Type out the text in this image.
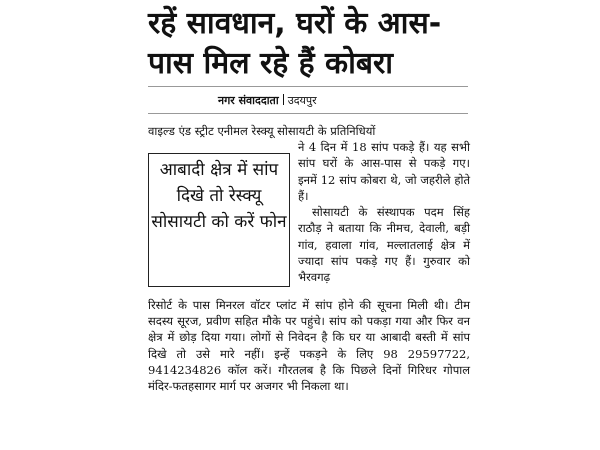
रहें सावधान, घरों के आस-पास मिल रहे हैं कोबरा
नगर संवाददाता उदयपुर
वाइल्ड एंड स्ट्रीट एनीमल रेस्क्यू सोसायटी के प्रतिनिधियों
आबादी क्षेत्र में सांप दिखे तो रेस्क्यू सोसायटी को करें फोन

ने 4 दिन में 18 सांप पकड़े हैं। यह सभी सांप घरों के आस-पास से पकड़े गए। इनमें 12 सांप कोबरा थे, जो जहरीले होते हैं।

सोसायटी के संस्थापक पदम सिंह राठौड़ ने बताया कि नीमच, देवाली, बड़ी गांव, हवाला गांव, मल्लातलाई क्षेत्र में ज्यादा सांप पकड़े गए हैं। गुरुवार को भैरवगढ़

रिसोर्ट के पास मिनरल वॉटर प्लांट में सांप होने की सूचना मिली थी। टीम सदस्य सूरज, प्रवीण सहित मौके पर पहुंचे। सांप को पकड़ा गया और फिर वन क्षेत्र में छोड़ दिया गया। लोगों से निवेदन है कि घर या आबादी बस्ती में सांप दिखे तो उसे मारे नहीं। इन्हें पकड़ने के लिए 98 29597722, 9414234826 कॉल करें। गौरतलब है कि पिछले दिनों गिरिधर गोपाल मंदिर-फतहसागर मार्ग पर अजगर भी निकला था।
